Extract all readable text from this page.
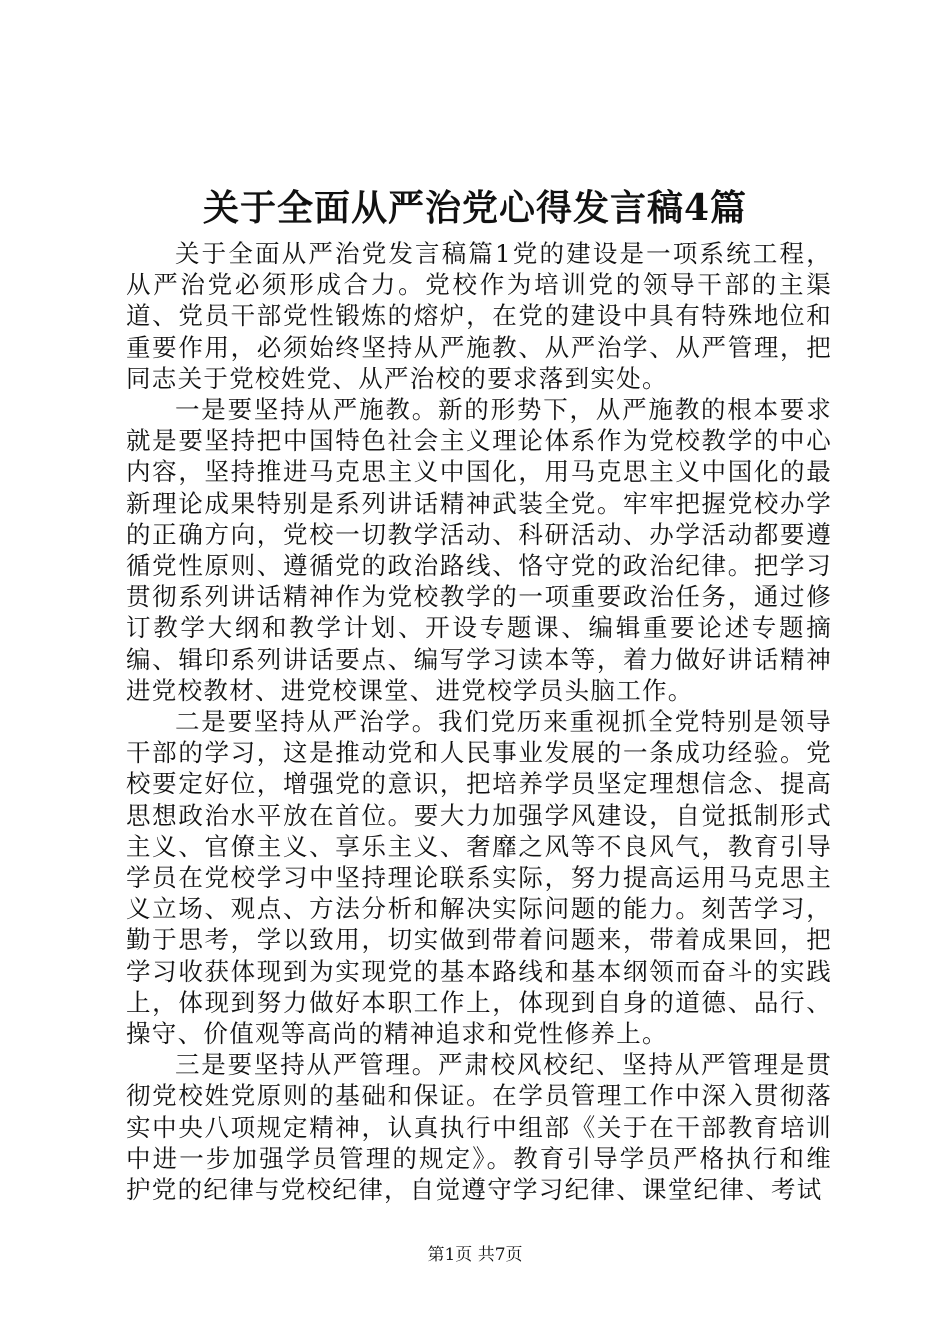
关于全面从严治党心得发言稿4篇

关于全面从严治党发言稿篇1党的建设是一项系统工程，从严治党必须形成合力。党校作为培训党的领导干部的主渠道、党员干部党性锻炼的熔炉，在党的建设中具有特殊地位和重要作用，必须始终坚持从严施教、从严治学、从严管理，把同志关于党校姓党、从严治校的要求落到实处。

一是要坚持从严施教。新的形势下，从严施教的根本要求就是要坚持把中国特色社会主义理论体系作为党校教学的中心内容，坚持推进马克思主义中国化，用马克思主义中国化的最新理论成果特别是系列讲话精神武装全党。牢牢把握党校办学的正确方向，党校一切教学活动、科研活动、办学活动都要遵循党性原则、遵循党的政治路线、恪守党的政治纪律。把学习贯彻系列讲话精神作为党校教学的一项重要政治任务，通过修订教学大纲和教学计划、开设专题课、编辑重要论述专题摘编、辑印系列讲话要点、编写学习读本等，着力做好讲话精神进党校教材、进党校课堂、进党校学员头脑工作。

二是要坚持从严治学。我们党历来重视抓全党特别是领导干部的学习，这是推动党和人民事业发展的一条成功经验。党校要定好位，增强党的意识，把培养学员坚定理想信念、提高思想政治水平放在首位。要大力加强学风建设，自觉抵制形式主义、官僚主义、享乐主义、奢靡之风等不良风气，教育引导学员在党校学习中坚持理论联系实际，努力提高运用马克思主义立场、观点、方法分析和解决实际问题的能力。刻苦学习，勤于思考，学以致用，切实做到带着问题来，带着成果回，把学习收获体现到为实现党的基本路线和基本纲领而奋斗的实践上，体现到努力做好本职工作上，体现到自身的道德、品行、操守、价值观等高尚的精神追求和党性修养上。

三是要坚持从严管理。严肃校风校纪、坚持从严管理是贯彻党校姓党原则的基础和保证。在学员管理工作中深入贯彻落实中央八项规定精神，认真执行中组部《关于在干部教育培训中进一步加强学员管理的规定》。教育引导学员严格执行和维护党的纪律与党校纪律，自觉遵守学习纪律、课堂纪律、考试

第1页 共7页
